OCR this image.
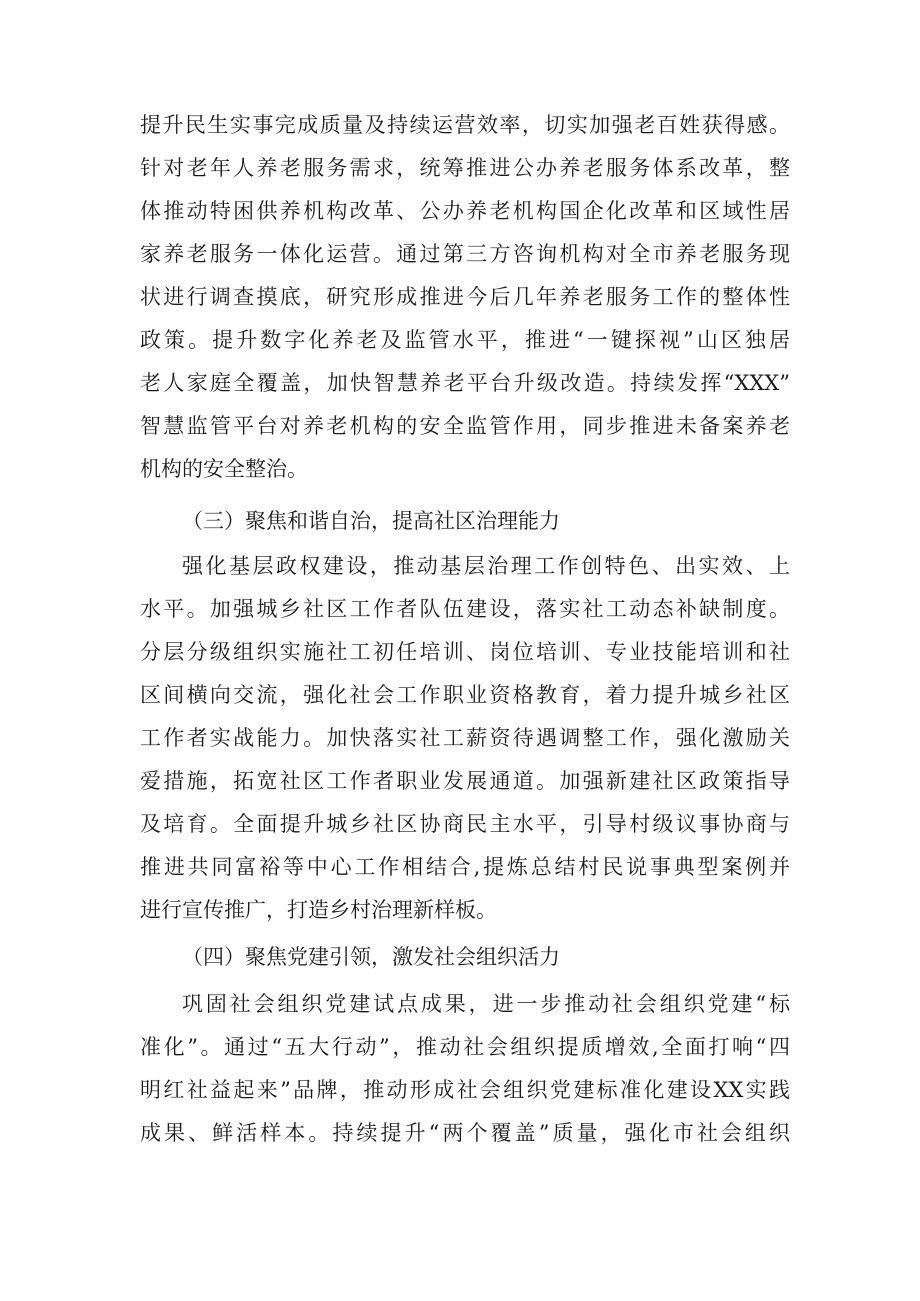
提升民生实事完成质量及持续运营效率，切实加强老百姓获得感。
针对老年人养老服务需求，统筹推进公办养老服务体系改革，整
体推动特困供养机构改革、公办养老机构国企化改革和区域性居
家养老服务一体化运营。通过第三方咨询机构对全市养老服务现
状进行调查摸底，研究形成推进今后几年养老服务工作的整体性
政策。提升数字化养老及监管水平，推进“一键探视”山区独居
老人家庭全覆盖，加快智慧养老平台升级改造。持续发挥“XXX”
智慧监管平台对养老机构的安全监管作用，同步推进未备案养老
机构的安全整治。
（三）聚焦和谐自治，提高社区治理能力
强化基层政权建设，推动基层治理工作创特色、出实效、上
水平。加强城乡社区工作者队伍建设，落实社工动态补缺制度。
分层分级组织实施社工初任培训、岗位培训、专业技能培训和社
区间横向交流，强化社会工作职业资格教育，着力提升城乡社区
工作者实战能力。加快落实社工薪资待遇调整工作，强化激励关
爱措施，拓宽社区工作者职业发展通道。加强新建社区政策指导
及培育。全面提升城乡社区协商民主水平，引导村级议事协商与
推进共同富裕等中心工作相结合,提炼总结村民说事典型案例并
进行宣传推广，打造乡村治理新样板。
（四）聚焦党建引领，激发社会组织活力
巩固社会组织党建试点成果，进一步推动社会组织党建“标
准化”。通过“五大行动”，推动社会组织提质增效,全面打响“四
明红社益起来”品牌，推动形成社会组织党建标准化建设XX实践
成果、鲜活样本。持续提升“两个覆盖”质量，强化市社会组织
